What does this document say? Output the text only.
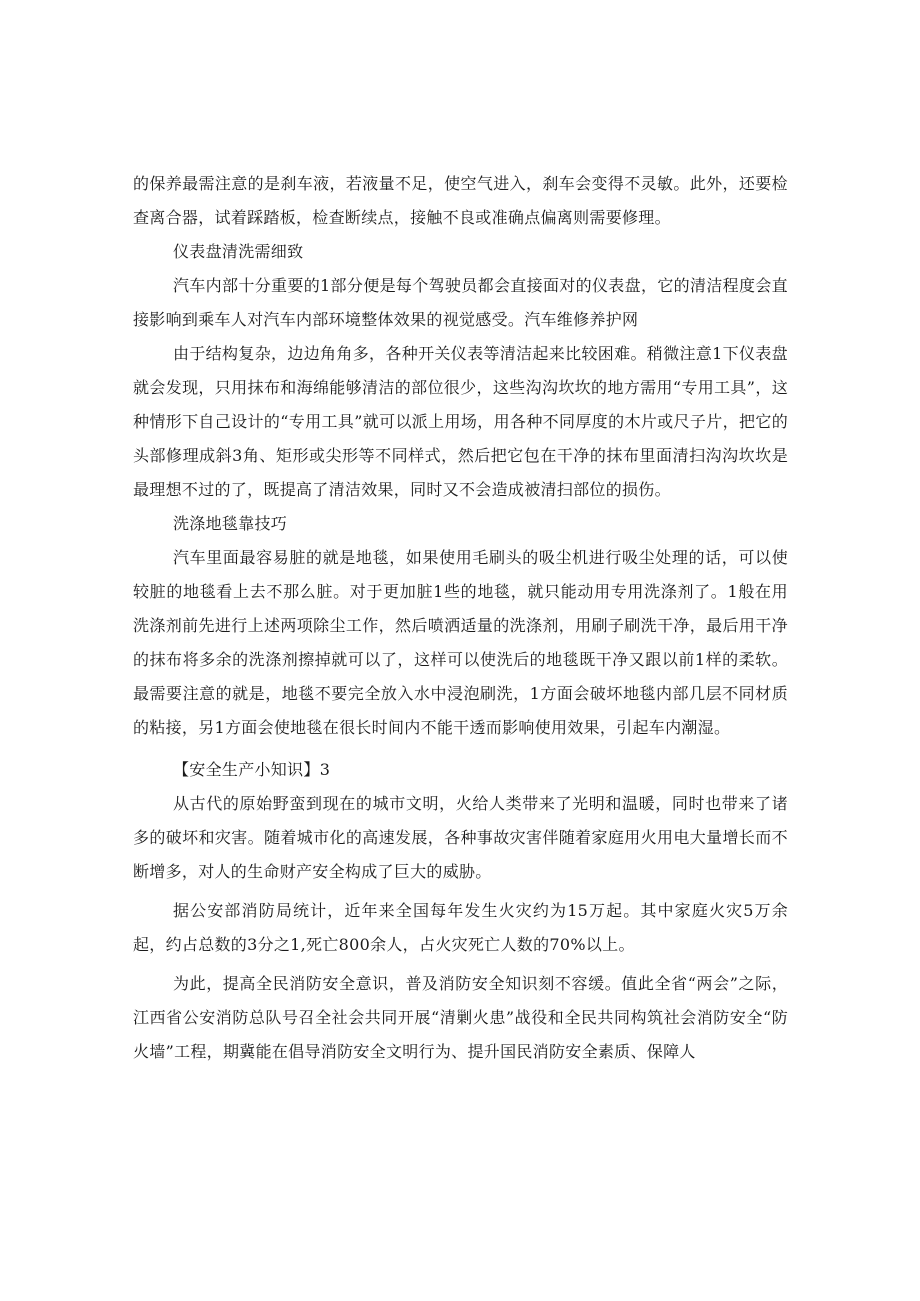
的保养最需注意的是刹车液，若液量不足，使空气进入，刹车会变得不灵敏。此外，还要检查离合器，试着踩踏板，检查断续点，接触不良或准确点偏离则需要修理。

仪表盘清洗需细致

汽车内部十分重要的1部分便是每个驾驶员都会直接面对的仪表盘，它的清洁程度会直接影响到乘车人对汽车内部环境整体效果的视觉感受。汽车维修养护网

由于结构复杂，边边角角多，各种开关仪表等清洁起来比较困难。稍微注意1下仪表盘就会发现，只用抹布和海绵能够清洁的部位很少，这些沟沟坎坎的地方需用“专用工具”，这种情形下自己设计的“专用工具”就可以派上用场，用各种不同厚度的木片或尺子片，把它的头部修理成斜3角、矩形或尖形等不同样式，然后把它包在干净的抹布里面清扫沟沟坎坎是最理想不过的了，既提高了清洁效果，同时又不会造成被清扫部位的损伤。

洗涤地毯靠技巧

汽车里面最容易脏的就是地毯，如果使用毛刷头的吸尘机进行吸尘处理的话，可以使较脏的地毯看上去不那么脏。对于更加脏1些的地毯，就只能动用专用洗涤剂了。1般在用洗涤剂前先进行上述两项除尘工作，然后喷洒适量的洗涤剂，用刷子刷洗干净，最后用干净的抹布将多余的洗涤剂擦掉就可以了，这样可以使洗后的地毯既干净又跟以前1样的柔软。最需要注意的就是，地毯不要完全放入水中浸泡刷洗，1方面会破坏地毯内部几层不同材质的粘接，另1方面会使地毯在很长时间内不能干透而影响使用效果，引起车内潮湿。

【安全生产小知识】3

从古代的原始野蛮到现在的城市文明，火给人类带来了光明和温暖，同时也带来了诸多的破坏和灾害。随着城市化的高速发展，各种事故灾害伴随着家庭用火用电大量增长而不断增多，对人的生命财产安全构成了巨大的威胁。

据公安部消防局统计，近年来全国每年发生火灾约为15万起。其中家庭火灾5万余起，约占总数的3分之1,死亡800余人，占火灾死亡人数的70%以上。

为此，提高全民消防安全意识，普及消防安全知识刻不容缓。值此全省“两会”之际，江西省公安消防总队号召全社会共同开展“清剿火患”战役和全民共同构筑社会消防安全“防火墙”工程，期冀能在倡导消防安全文明行为、提升国民消防安全素质、保障人
